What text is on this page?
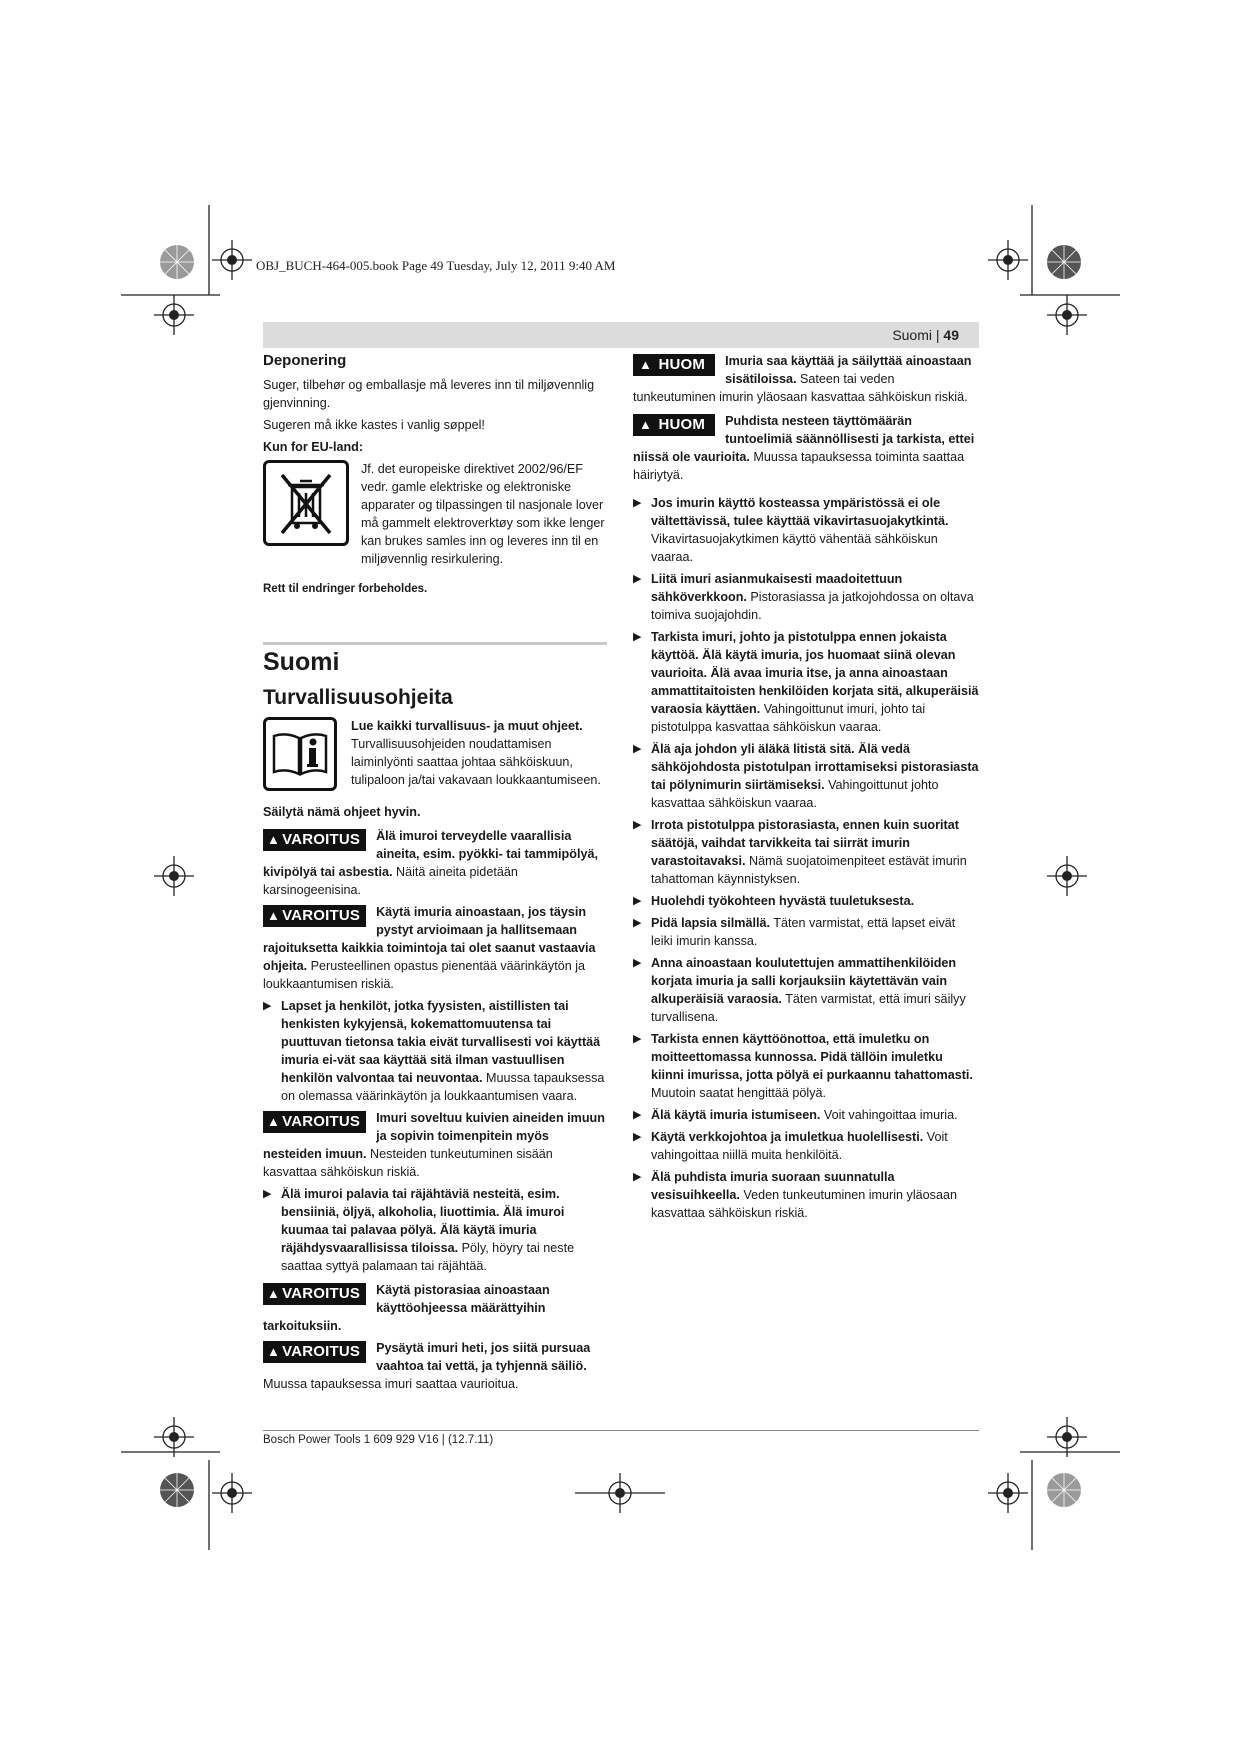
OBJ_BUCH-464-005.book Page 49 Tuesday, July 12, 2011 9:40 AM
Suomi | 49
Deponering

Suger, tilbehør og emballasje må leveres inn til miljøvennlig gjenvinning.

Sugeren må ikke kastes i vanlig søppel!

Kun for EU-land:

Jf. det europeiske direktivet 2002/96/EF vedr. gamle elektriske og elektroniske apparater og tilpassingen til nasjonale lover må gammelt elektroverktøy som ikke lenger kan brukes samles inn og leveres inn til en miljøvennlig resirkulering.

Rett til endringer forbeholdes.

Suomi
Turvallisuusohjeita
Lue kaikki turvallisuus- ja muut ohjeet. Turvallisuusohjeiden noudattamisen laiminlyönti saattaa johtaa sähköiskuun, tulipaloon ja/tai vakavaan loukkaantumiseen.

Säilytä nämä ohjeet hyvin.

▲ VAROITUS	Älä imuroi terveydelle vaarallisia aineita, esim. pyökki- tai tammipölyä, kivipölyä tai asbestia. Näitä aineita pidetään karsinogeenisina.
▲ VAROITUS	Käytä imuria ainoastaan, jos täysin pystyt arvioimaan ja hallitsemaan rajoituksetta kaikkia toimintoja tai olet saanut vastaavia ohjeita. Perusteellinen opastus pienentää väärinkäytön ja loukkaantumisen riskiä.
▶ Lapset ja henkilöt, jotka fyysisten, aistillisten tai henkisten kykyjensä, kokemattomuutensa tai puuttuvan tietonsa takia eivät turvallisesti voi käyttää imuria ei-vät saa käyttää sitä ilman vastuullisen henkilön valvontaa tai neuvontaa. Muussa tapauksessa on olemassa väärinkäytön ja loukkaantumisen vaara.
▲ VAROITUS	Imuri soveltuu kuivien aineiden imuun ja sopivin toimenpitein myös nesteiden imuun. Nesteiden tunkeutuminen sisään kasvattaa sähköiskun riskiä.
▶ Älä imuroi palavia tai räjähtäviä nesteitä, esim. bensiiniä, öljyä, alkoholia, liuottimia. Älä imuroi kuumaa tai palavaa pölyä. Älä käytä imuria räjähdysvaarallisissa tiloissa. Pöly, höyry tai neste saattaa syttyä palamaan tai räjähtää.
▲ VAROITUS	Käytä pistorasiaa ainoastaan käyttöohjeessa määrättyihin tarkoituksiin.
▲ VAROITUS	Pysäytä imuri heti, jos siitä pursuaa vaahtoa tai vettä, ja tyhjennä säiliö.
Muussa tapauksessa imuri saattaa vaurioitua.
▲ HUOM	Imuria saa käyttää ja säilyttää ainoastaan sisätiloissa. Sateen tai veden tunkeutuminen imurin yläosaan kasvattaa sähköiskun riskiä.
▲ HUOM	Puhdista nesteen täyttömäärän tuntoelimiä säännöllisesti ja tarkista, ettei niissä ole vaurioita. Muussa tapauksessa toiminta saattaa häiriytyä.
▶ Jos imurin käyttö kosteassa ympäristössä ei ole vältettävissä, tulee käyttää vikavirtasuojakytkintä. Vikavirtasuojakytkimen käyttö vähentää sähköiskun vaaraa.
▶ Liitä imuri asianmukaisesti maadoitettuun sähköverkkoon. Pistorasiassa ja jatkojohdossa on oltava toimiva suojajohdin.
▶ Tarkista imuri, johto ja pistotulppa ennen jokaista käyttöä. Älä käytä imuria, jos huomaat siinä olevan vaurioita. Älä avaa imuria itse, ja anna ainoastaan ammattitaitoisten henkilöiden korjata sitä, alkuperäisiä varaosia käyttäen. Vahingoittunut imuri, johto tai pistotulppa kasvattaa sähköiskun vaaraa.
▶ Älä aja johdon yli äläkä litistä sitä. Älä vedä sähköjohdosta pistotulpan irrottamiseksi pistorasiasta tai pölynimurin siirtämiseksi. Vahingoittunut johto kasvattaa sähköiskun vaaraa.
▶ Irrota pistotulppa pistorasiasta, ennen kuin suoritat säätöjä, vaihdat tarvikkeita tai siirrät imurin varastoitavaksi. Nämä suojatoimenpiteet estävät imurin tahattoman käynnistyksen.
▶ Huolehdi työkohteen hyvästä tuuletuksesta.
▶ Pidä lapsia silmällä. Täten varmistat, että lapset eivät leiki imurin kanssa.
▶ Anna ainoastaan koulutettujen ammattihenkilöiden korjata imuria ja salli korjauksiin käytettävän vain alkuperäisiä varaosia. Täten varmistat, että imuri säilyy turvallisena.
▶ Tarkista ennen käyttöönottoa, että imuletku on moitteettomassa kunnossa. Pidä tällöin imuletku kiinni imurissa, jotta pölyä ei purkaannu tahattomasti. Muutoin saatat hengittää pölyä.
▶ Älä käytä imuria istumiseen. Voit vahingoittaa imuria.
▶ Käytä verkkojohtoa ja imuletkua huolellisesti. Voit vahingoittaa niillä muita henkilöitä.
▶ Älä puhdista imuria suoraan suunnatulla vesisuihkeella. Veden tunkeutuminen imurin yläosaan kasvattaa sähköiskun riskiä.
Bosch Power Tools 1 609 929 V16 | (12.7.11)
